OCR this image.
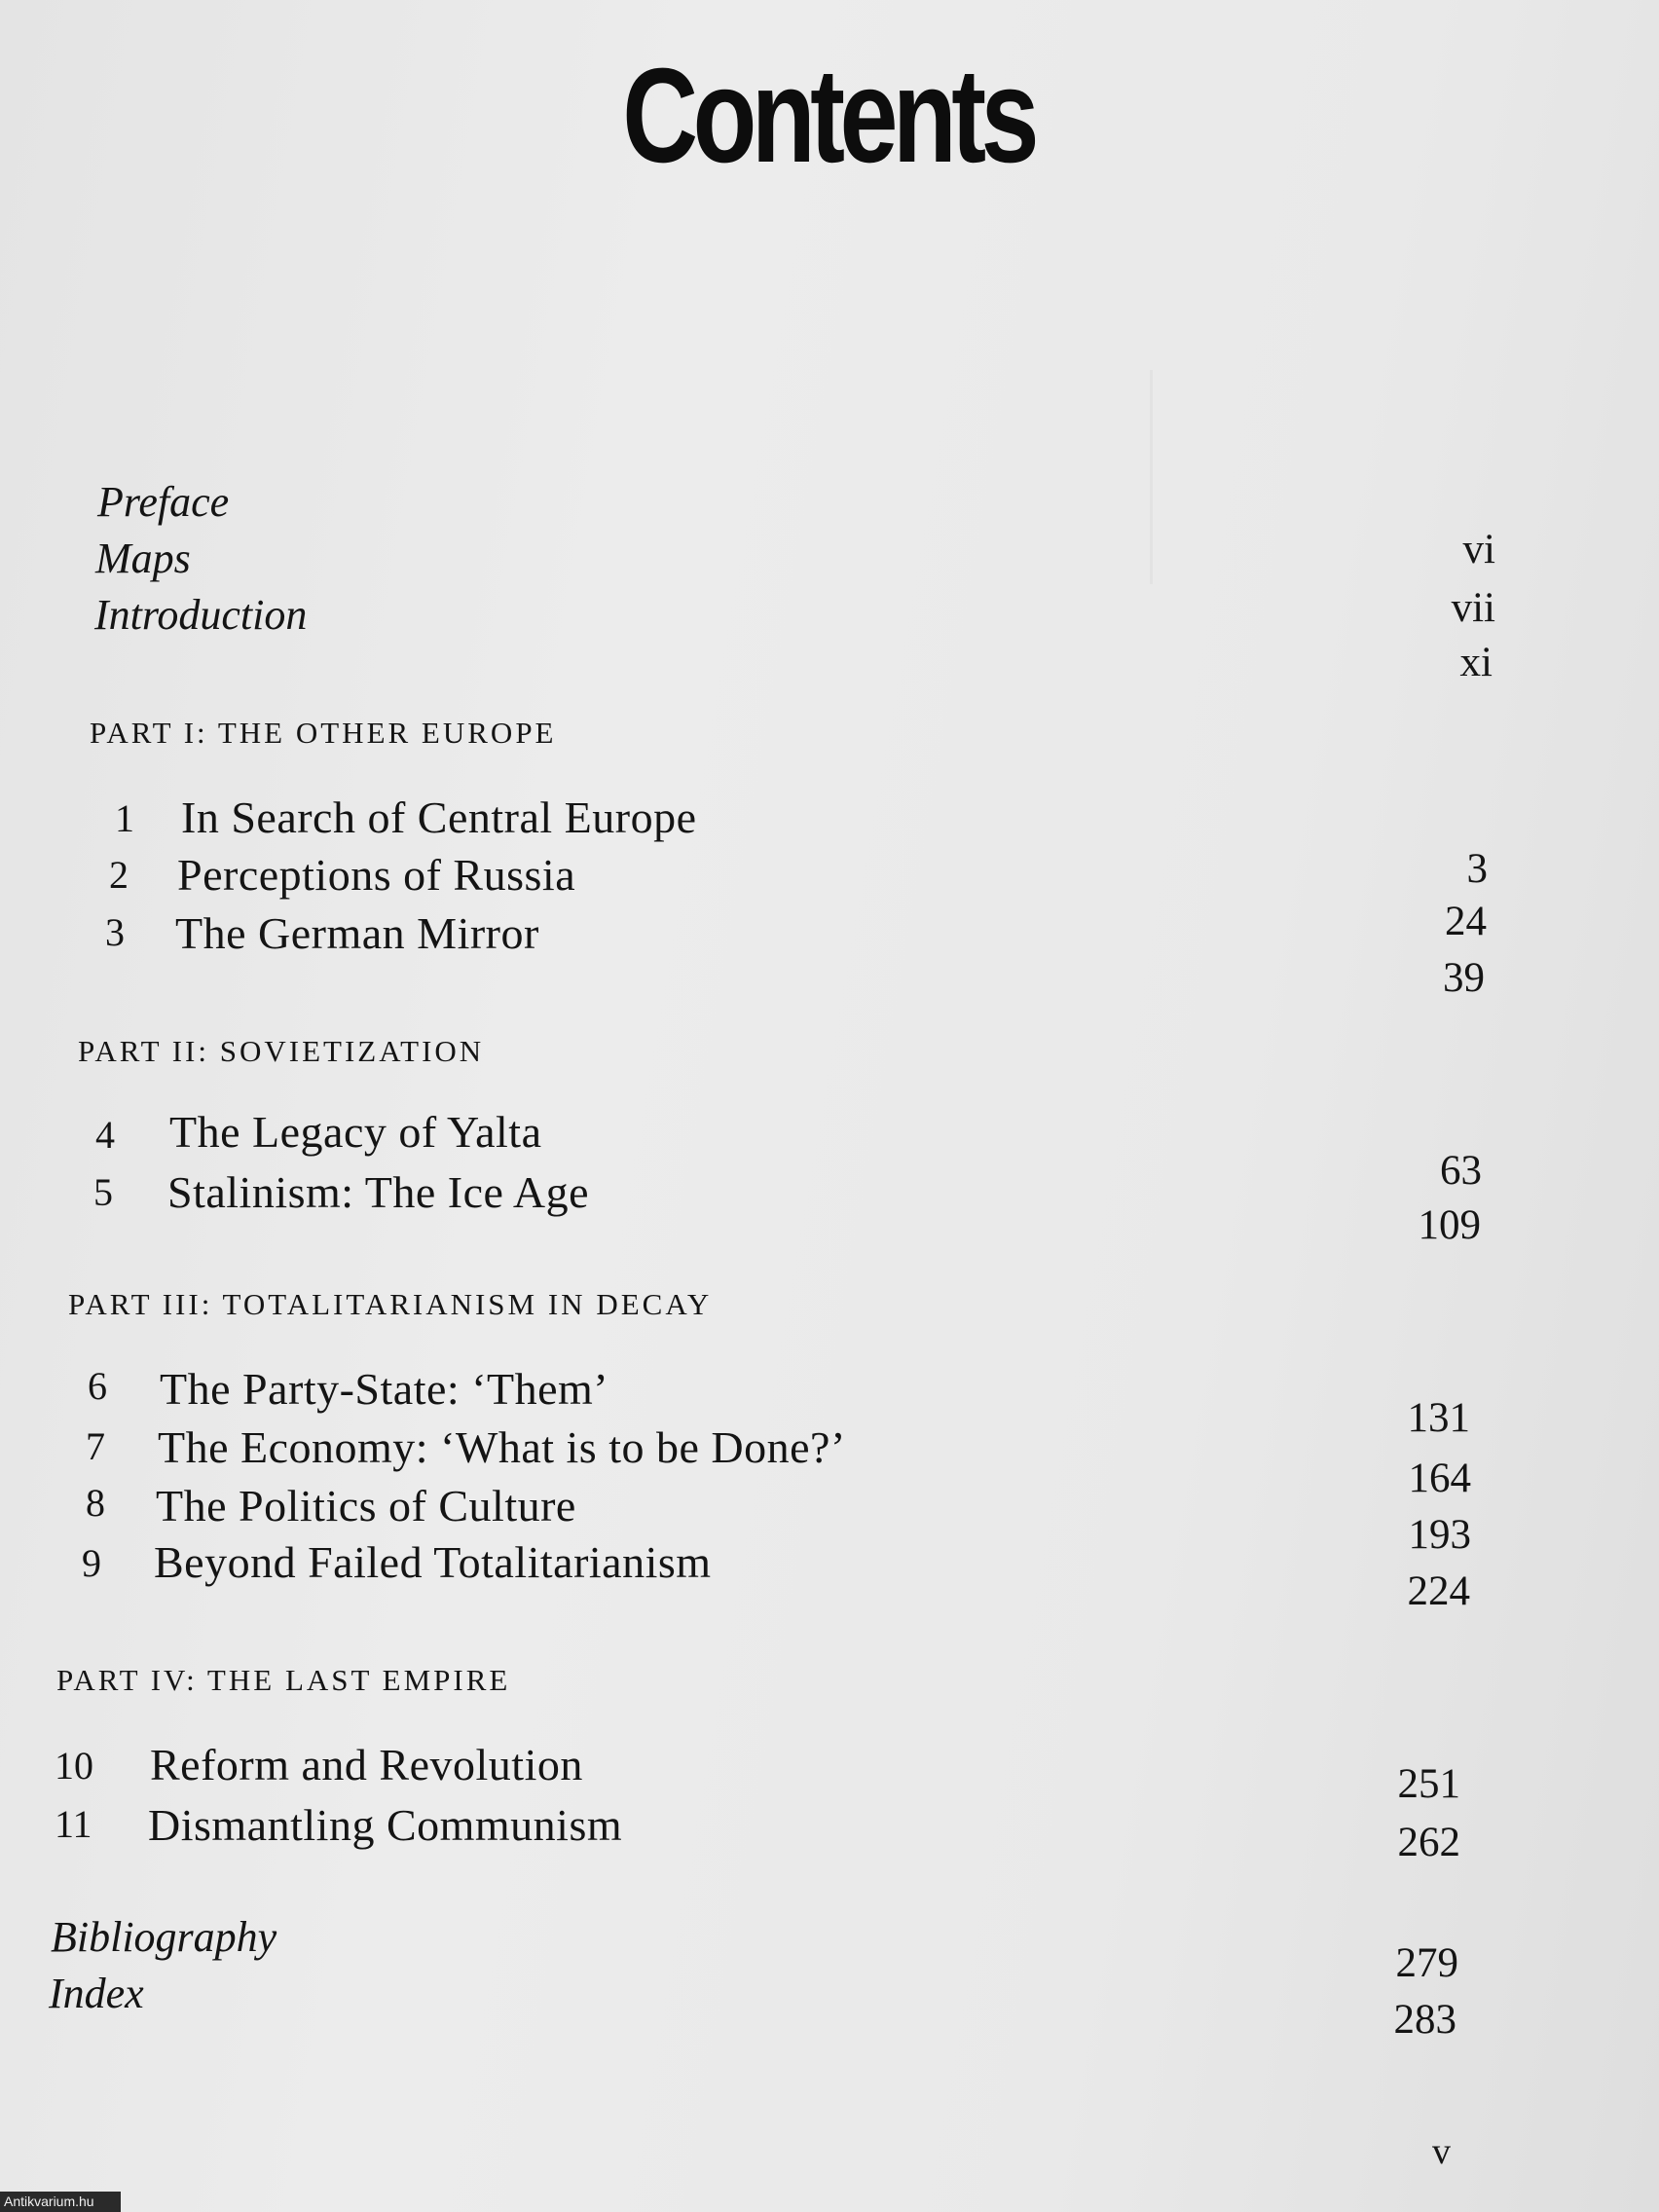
Contents
Preface
Maps
Introduction
vi
vii
xi
PART I: THE OTHER EUROPE
1 In Search of Central Europe
2 Perceptions of Russia
3 The German Mirror
3
24
39
PART II: SOVIETIZATION
4 The Legacy of Yalta
5 Stalinism: The Ice Age	63
109
PART III: TOTALITARIANISM IN DECAY
6 The Party-State: ‘Them’
7 The Economy: ‘What is to be Done?’
8 The Politics of Culture
9 Beyond Failed Totalitarianism
131
164
193
224
PART IV: THE LAST EMPIRE
10 Reform and Revolution
11 Dismantling Communism
251
262
Bibliography
Index
279
283
v
Antikvarium.hu
